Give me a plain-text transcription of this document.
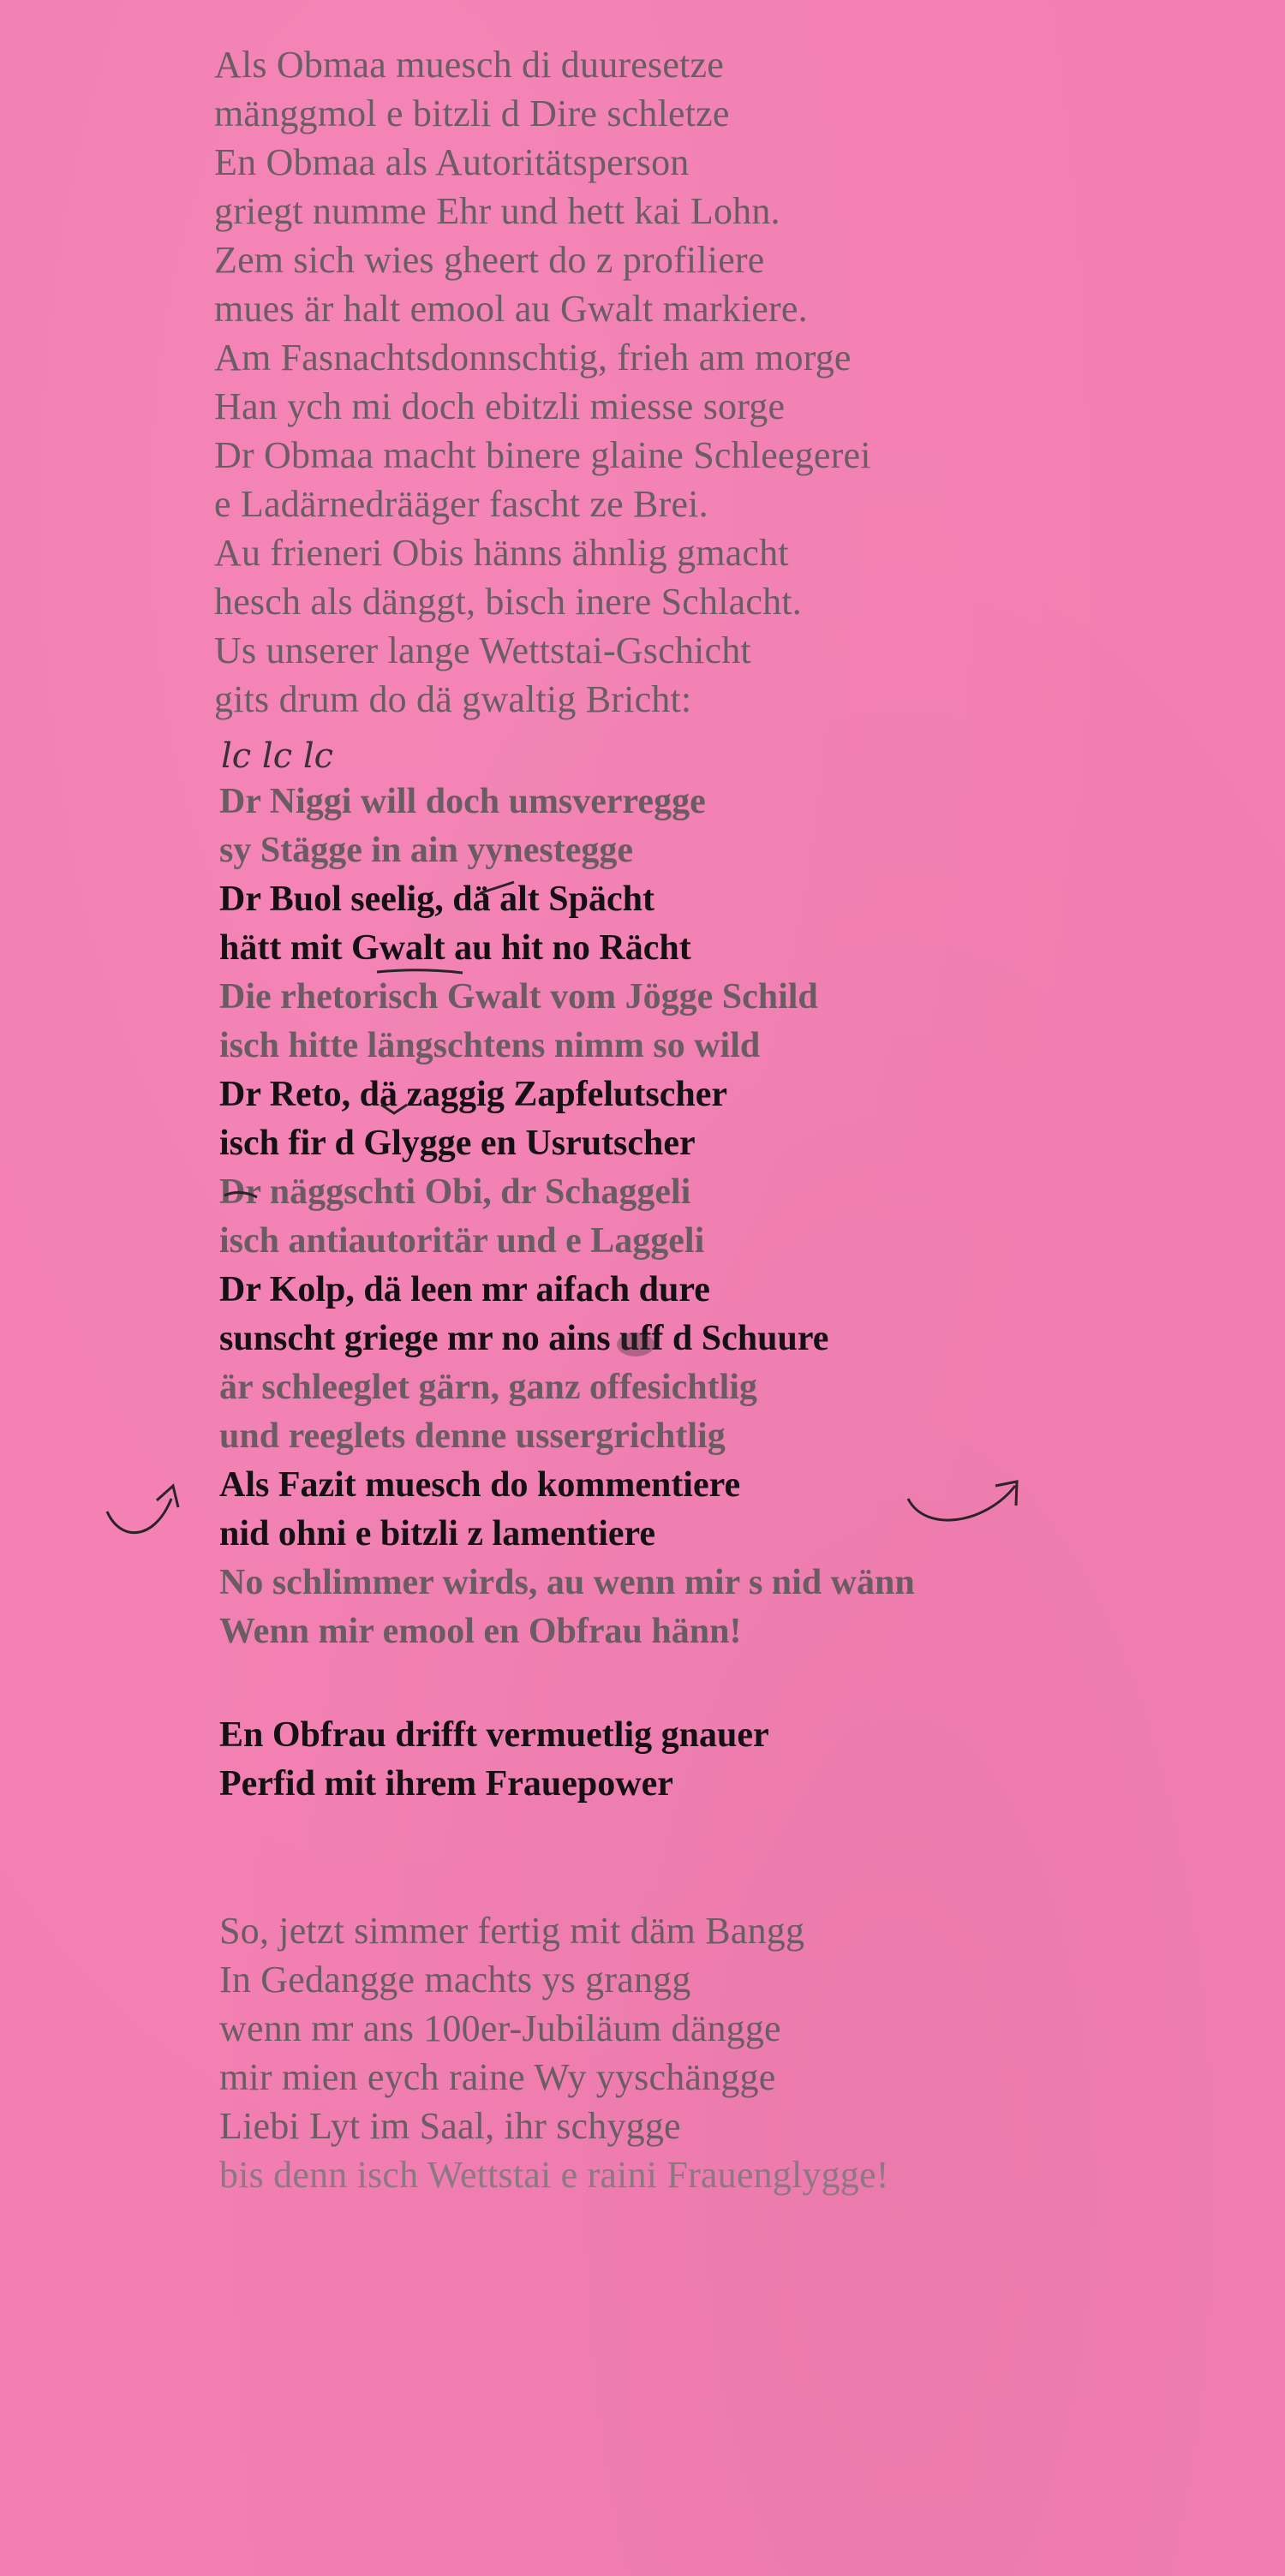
Als Obmaa muesch di duuresetze

mänggmol e bitzli d Dire schletze

En Obmaa als Autoritätsperson

griegt numme Ehr und hett kai Lohn.

Zem sich wies gheert do z profiliere

mues är halt emool au Gwalt markiere.

Am Fasnachtsdonnschtig, frieh am morge

Han ych mi doch ebitzli miesse sorge

Dr Obmaa macht binere glaine Schleegerei

e Ladärnedrääger fascht ze Brei.

Au frieneri Obis hänns ähnlig gmacht

hesch als dänggt, bisch inere Schlacht.

Us unserer lange Wettstai-Gschicht

gits drum do dä gwaltig Bricht:

lc lc lc

Dr Niggi will doch umsverregge

sy Stägge in ain yynestegge

Dr Buol seelig, dä alt Spächt

hätt mit Gwalt au hit no Rächt

Die rhetorisch Gwalt vom Jögge Schild

isch hitte längschtens nimm so wild

Dr Reto, dä zaggig Zapfelutscher

isch fir d Glygge en Usrutscher

Dr näggschti Obi, dr Schaggeli

isch antiautoritär und e Laggeli

Dr Kolp, dä leen mr aifach dure

sunscht griege mr no ains uff d Schuure

är schleeglet gärn, ganz offesichtlig

und reeglets denne ussergrichtlig

Als Fazit muesch do kommentiere

nid ohni e bitzli z lamentiere

No schlimmer wirds, au wenn mir s nid wänn

Wenn mir emool en Obfrau hänn!

En Obfrau drifft vermuetlig gnauer

Perfid mit ihrem Frauepower

So, jetzt simmer fertig mit däm Bangg

In Gedangge machts ys grangg

wenn mr ans 100er-Jubiläum dängge

mir mien eych raine Wy yyschängge

Liebi Lyt im Saal, ihr schygge

bis denn isch Wettstai e raini Frauenglygge!
